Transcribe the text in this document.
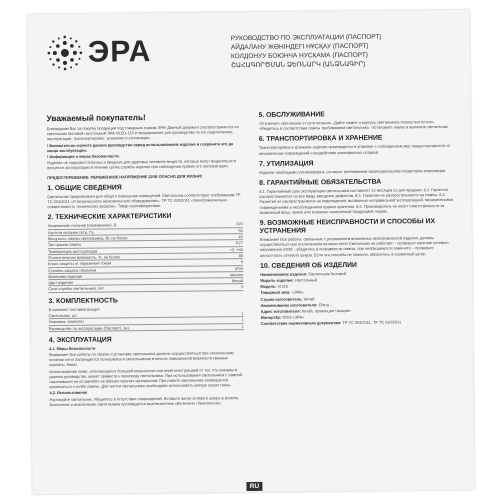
ЭРА	РУКОВОДСТВО ПО ЭКСПЛУАТАЦИИ (ПАСПОРТ)
АЙДАЛАНУ ЖӨНІНДЕГІ НҰСҚАУ (ПАСПОРТ)
КОЛДОНУУ БОЮНЧА НУСКАМА (ПАСПОРТ)
ՇԱՀԱԳՈՐԾՄԱՆ ՁԵՌՆԱՐԿ (ԱՆՁՆԱԳԻՐ)
Уважаемый покупатель!
Благодарим Вас за покупку продукции под товарным знаком ЭРА! Данный документ распространяется на светильник бытовой настольный ЭРА NLED-116 и предназначен для руководства по его подключению, эксплуатации, транспортировке, хранению и утилизации.
! Внимательно изучите данное руководство перед использованием изделия и сохраните его до конца эксплуатации.
! Информация о мерах безопасности.
Изделие не содержит опасных и вредных для здоровья человека веществ, которые могут выделяться в процессе эксплуатации в течение срока службы изделия при соблюдении правил его эксплуатации.
ПРЕДОСТЕРЕЖЕНИЕ: ПЕРЕМЕННОЕ НАПРЯЖЕНИЕ 220В ОПАСНО ДЛЯ ЖИЗНИ!
1. ОБЩИЕ СВЕДЕНИЯ
Светильник предназначен для общего освещения помещений. Светильник соответствует требованиям ТР ТС 004/2011 «О безопасности низковольтного оборудования», ТР ТС 020/2011 «Электромагнитная совместимость технических средств». Товар сертифицирован.
2. ТЕХНИЧЕСКИЕ ХАРАКТЕРИСТИКИ
Напряжение питания (переменное), В	220
Частота питания сети, Гц	50
Мощность лампы светильника, Вт, не более	40
Тип цоколя лампы	E27
Температура эксплуатации	+5..+40
Относительная влажность, %, не более	80
Класс защиты от поражения током	II
Степень защиты оболочки	IP20
Материал изделия	металл
Цвет изделия	белый
Срок службы светильника, лет	5
3. КОМПЛЕКТНОСТЬ
В комплект поставки входит:
Светильник, шт.	1
Упаковка, комплект	1
Руководство по эксплуатации (Паспорт), экз.	1
4. ЭКСПЛУАТАЦИЯ
4.1. Меры безопасности
Внимание! Все работы по сборке и установке светильника должны осуществляться при отключенном питании сети! Запрещается пользоваться светильником в местах повышенной влажности (ванные комнаты, бани).
Использование ламп, отличающихся большей мощностью или иной конструкцией от тех, что указаны в данном руководстве, может привести к перегреву светильника. При использовании светильника с лампой накаливания не оставляйте её вблизи горючих материалов. При работе светильника запрещается прикасаться к колбе лампы. Для чистки светильника необходимо использовать мягкую сухую ткань.
4.2. Использование
Распакуйте светильник. Убедитесь в отсутствии повреждений. Вставьте вилку сетевого шнура в розетку. Включение и выключение светильника производится выключателем «Включено / Выключено».
5. ОБСЛУЖИВАНИЕ
-Отключите светильник от сети питания. -Дайте лампе и корпусу светильника полностью остыть. -Убедитесь в соответствии лампы требованиям светильника. -Установите лампу и включите светильник.
6. ТРАНСПОРТИРОВКА И ХРАНЕНИЕ
Транспортировка и хранение изделия производится в упаковке с соблюдением мер предосторожности от механических повреждений и воздействия атмосферных осадков.
7. УТИЛИЗАЦИЯ
Изделие необходимо утилизировать согласно требованиям законодательства территории реализации.
8. ГАРАНТИЙНЫЕ ОБЯЗАТЕЛЬСТВА
8.1. Гарантийный срок эксплуатации светильника составляет 12 месяцев со дня продажи. 8.2. Гарантия распространяется на все виды заводских дефектов. 8.3. Гарантия не распространяется на лампы. 8.4. Гарантия не распространяется на повреждения, вызванные неправильной эксплуатацией, механическими повреждениями и несоблюдением правил хранения. 8.5. Производитель не несёт ответственности за возможный вред, прямо или косвенно нанесённый продукцией людям.
9. ВОЗМОЖНЫЕ НЕИСПРАВНОСТИ И СПОСОБЫ ИХ УСТРАНЕНИЯ
Внимание! Все работы, связанные с устранением возможных неисправностей изделия, должны осуществляться при отключенном питании сети! Светильник не работает: - проверьте наличие сетевого напряжения 220В; - убедитесь в исправности лампы, при необходимости замените; - проверьте целостность сетевого шнура. Если эти способы не помогли, обратитесь в сервисный центр.
10. СВЕДЕНИЯ ОБ ИЗДЕЛИИ
Наименование изделия: Светильник бытовой
Модель изделия: Настольный
Модель: N-116
Товарный знак: «ЭРА»
Страна изготовитель: Китай
Наименование изготовителя: Сhina ...
Адрес изготовителя: Китай, провинция Чжэцзян
Импортёр: ООО «ЭРА»
Соответствие нормативным документам: ТР ТС 004/2011, ТР ТС 020/2011
RU
